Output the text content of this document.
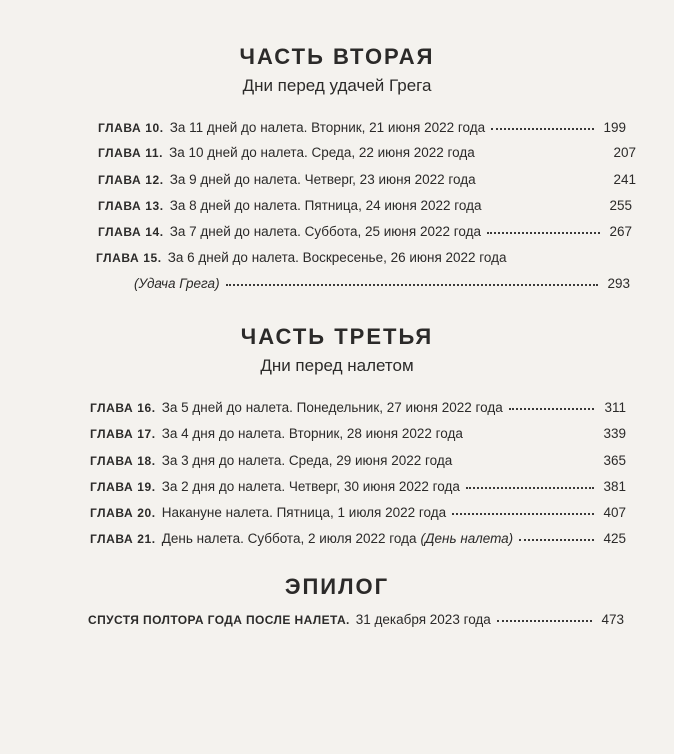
ЧАСТЬ ВТОРАЯ
Дни перед удачей Грега
ГЛАВА 10. За 11 дней до налета. Вторник, 21 июня 2022 года	199
ГЛАВА 11. За 10 дней до налета. Среда, 22 июня 2022 года	207
ГЛАВА 12. За 9 дней до налета. Четверг, 23 июня 2022 года	241
ГЛАВА 13. За 8 дней до налета. Пятница, 24 июня 2022 года	255
ГЛАВА 14. За 7 дней до налета. Суббота, 25 июня 2022 года	267
ГЛАВА 15. За 6 дней до налета. Воскресенье, 26 июня 2022 года
(Удача Грега)	293
ЧАСТЬ ТРЕТЬЯ
Дни перед налетом
ГЛАВА 16. За 5 дней до налета. Понедельник, 27 июня 2022 года	311
ГЛАВА 17. За 4 дня до налета. Вторник, 28 июня 2022 года	339
ГЛАВА 18. За 3 дня до налета. Среда, 29 июня 2022 года	365
ГЛАВА 19. За 2 дня до налета. Четверг, 30 июня 2022 года	381
ГЛАВА 20. Накануне налета. Пятница, 1 июля 2022 года	407
ГЛАВА 21. День налета. Суббота, 2 июля 2022 года (День налета)	425
ЭПИЛОГ
СПУСТЯ ПОЛТОРА ГОДА ПОСЛЕ НАЛЕТА. 31 декабря 2023 года	473
